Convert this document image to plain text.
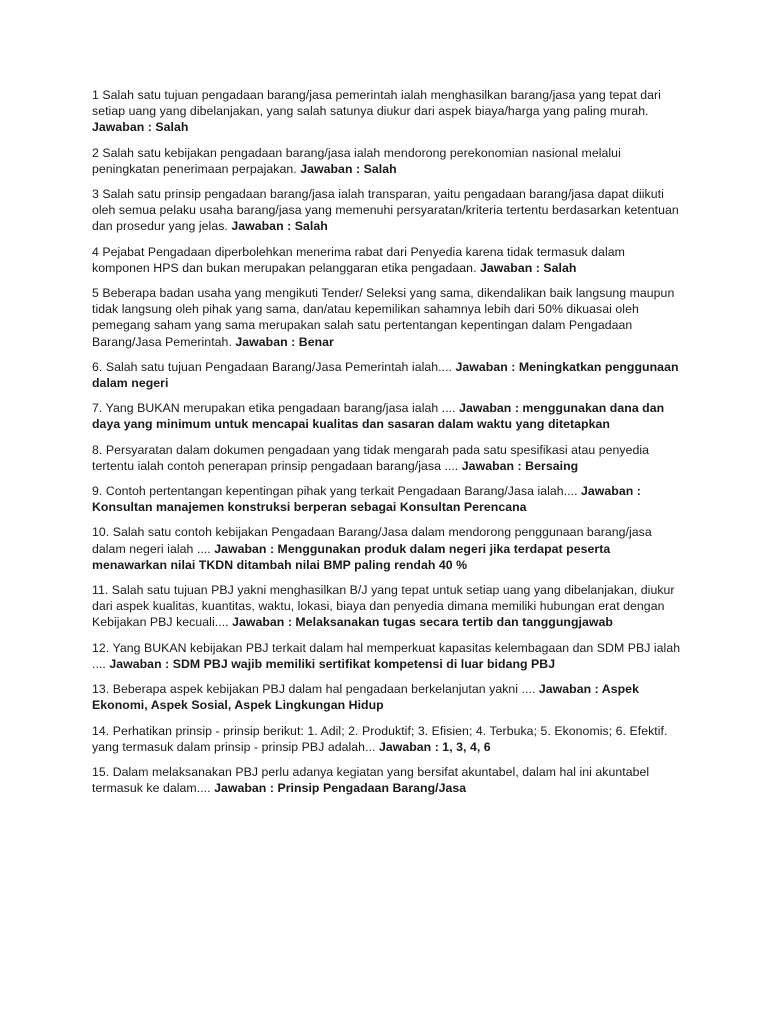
1 Salah satu tujuan pengadaan barang/jasa pemerintah ialah menghasilkan barang/jasa yang tepat dari setiap uang yang dibelanjakan, yang salah satunya diukur dari aspek biaya/harga yang paling murah. Jawaban : Salah

2 Salah satu kebijakan pengadaan barang/jasa ialah mendorong perekonomian nasional melalui peningkatan penerimaan perpajakan. Jawaban : Salah

3 Salah satu prinsip pengadaan barang/jasa ialah transparan, yaitu pengadaan barang/jasa dapat diikuti oleh semua pelaku usaha barang/jasa yang memenuhi persyaratan/kriteria tertentu berdasarkan ketentuan dan prosedur yang jelas. Jawaban : Salah

4 Pejabat Pengadaan diperbolehkan menerima rabat dari Penyedia karena tidak termasuk dalam komponen HPS dan bukan merupakan pelanggaran etika pengadaan. Jawaban : Salah

5 Beberapa badan usaha yang mengikuti Tender/ Seleksi yang sama, dikendalikan baik langsung maupun tidak langsung oleh pihak yang sama, dan/atau kepemilikan sahamnya lebih dari 50% dikuasai oleh pemegang saham yang sama merupakan salah satu pertentangan kepentingan dalam Pengadaan Barang/Jasa Pemerintah. Jawaban : Benar

6. Salah satu tujuan Pengadaan Barang/Jasa Pemerintah ialah.... Jawaban : Meningkatkan penggunaan dalam negeri

7. Yang BUKAN merupakan etika pengadaan barang/jasa ialah .... Jawaban : menggunakan dana dan daya yang minimum untuk mencapai kualitas dan sasaran dalam waktu yang ditetapkan

8. Persyaratan dalam dokumen pengadaan yang tidak mengarah pada satu spesifikasi atau penyedia tertentu ialah contoh penerapan prinsip pengadaan barang/jasa .... Jawaban : Bersaing

9. Contoh pertentangan kepentingan pihak yang terkait Pengadaan Barang/Jasa ialah.... Jawaban : Konsultan manajemen konstruksi berperan sebagai Konsultan Perencana

10. Salah satu contoh kebijakan Pengadaan Barang/Jasa dalam mendorong penggunaan barang/jasa dalam negeri ialah .... Jawaban : Menggunakan produk dalam negeri jika terdapat peserta menawarkan nilai TKDN ditambah nilai BMP paling rendah 40 %

11. Salah satu tujuan PBJ yakni menghasilkan B/J yang tepat untuk setiap uang yang dibelanjakan, diukur dari aspek kualitas, kuantitas, waktu, lokasi, biaya dan penyedia dimana memiliki hubungan erat dengan Kebijakan PBJ kecuali.... Jawaban : Melaksanakan tugas secara tertib dan tanggungjawab

12. Yang BUKAN kebijakan PBJ terkait dalam hal memperkuat kapasitas kelembagaan dan SDM PBJ ialah .... Jawaban : SDM PBJ wajib memiliki sertifikat kompetensi di luar bidang PBJ

13. Beberapa aspek kebijakan PBJ dalam hal pengadaan berkelanjutan yakni .... Jawaban : Aspek Ekonomi, Aspek Sosial, Aspek Lingkungan Hidup

14. Perhatikan prinsip - prinsip berikut: 1. Adil; 2. Produktif; 3. Efisien; 4. Terbuka; 5. Ekonomis; 6. Efektif. yang termasuk dalam prinsip - prinsip PBJ adalah... Jawaban : 1, 3, 4, 6

15. Dalam melaksanakan PBJ perlu adanya kegiatan yang bersifat akuntabel, dalam hal ini akuntabel termasuk ke dalam.... Jawaban : Prinsip Pengadaan Barang/Jasa
